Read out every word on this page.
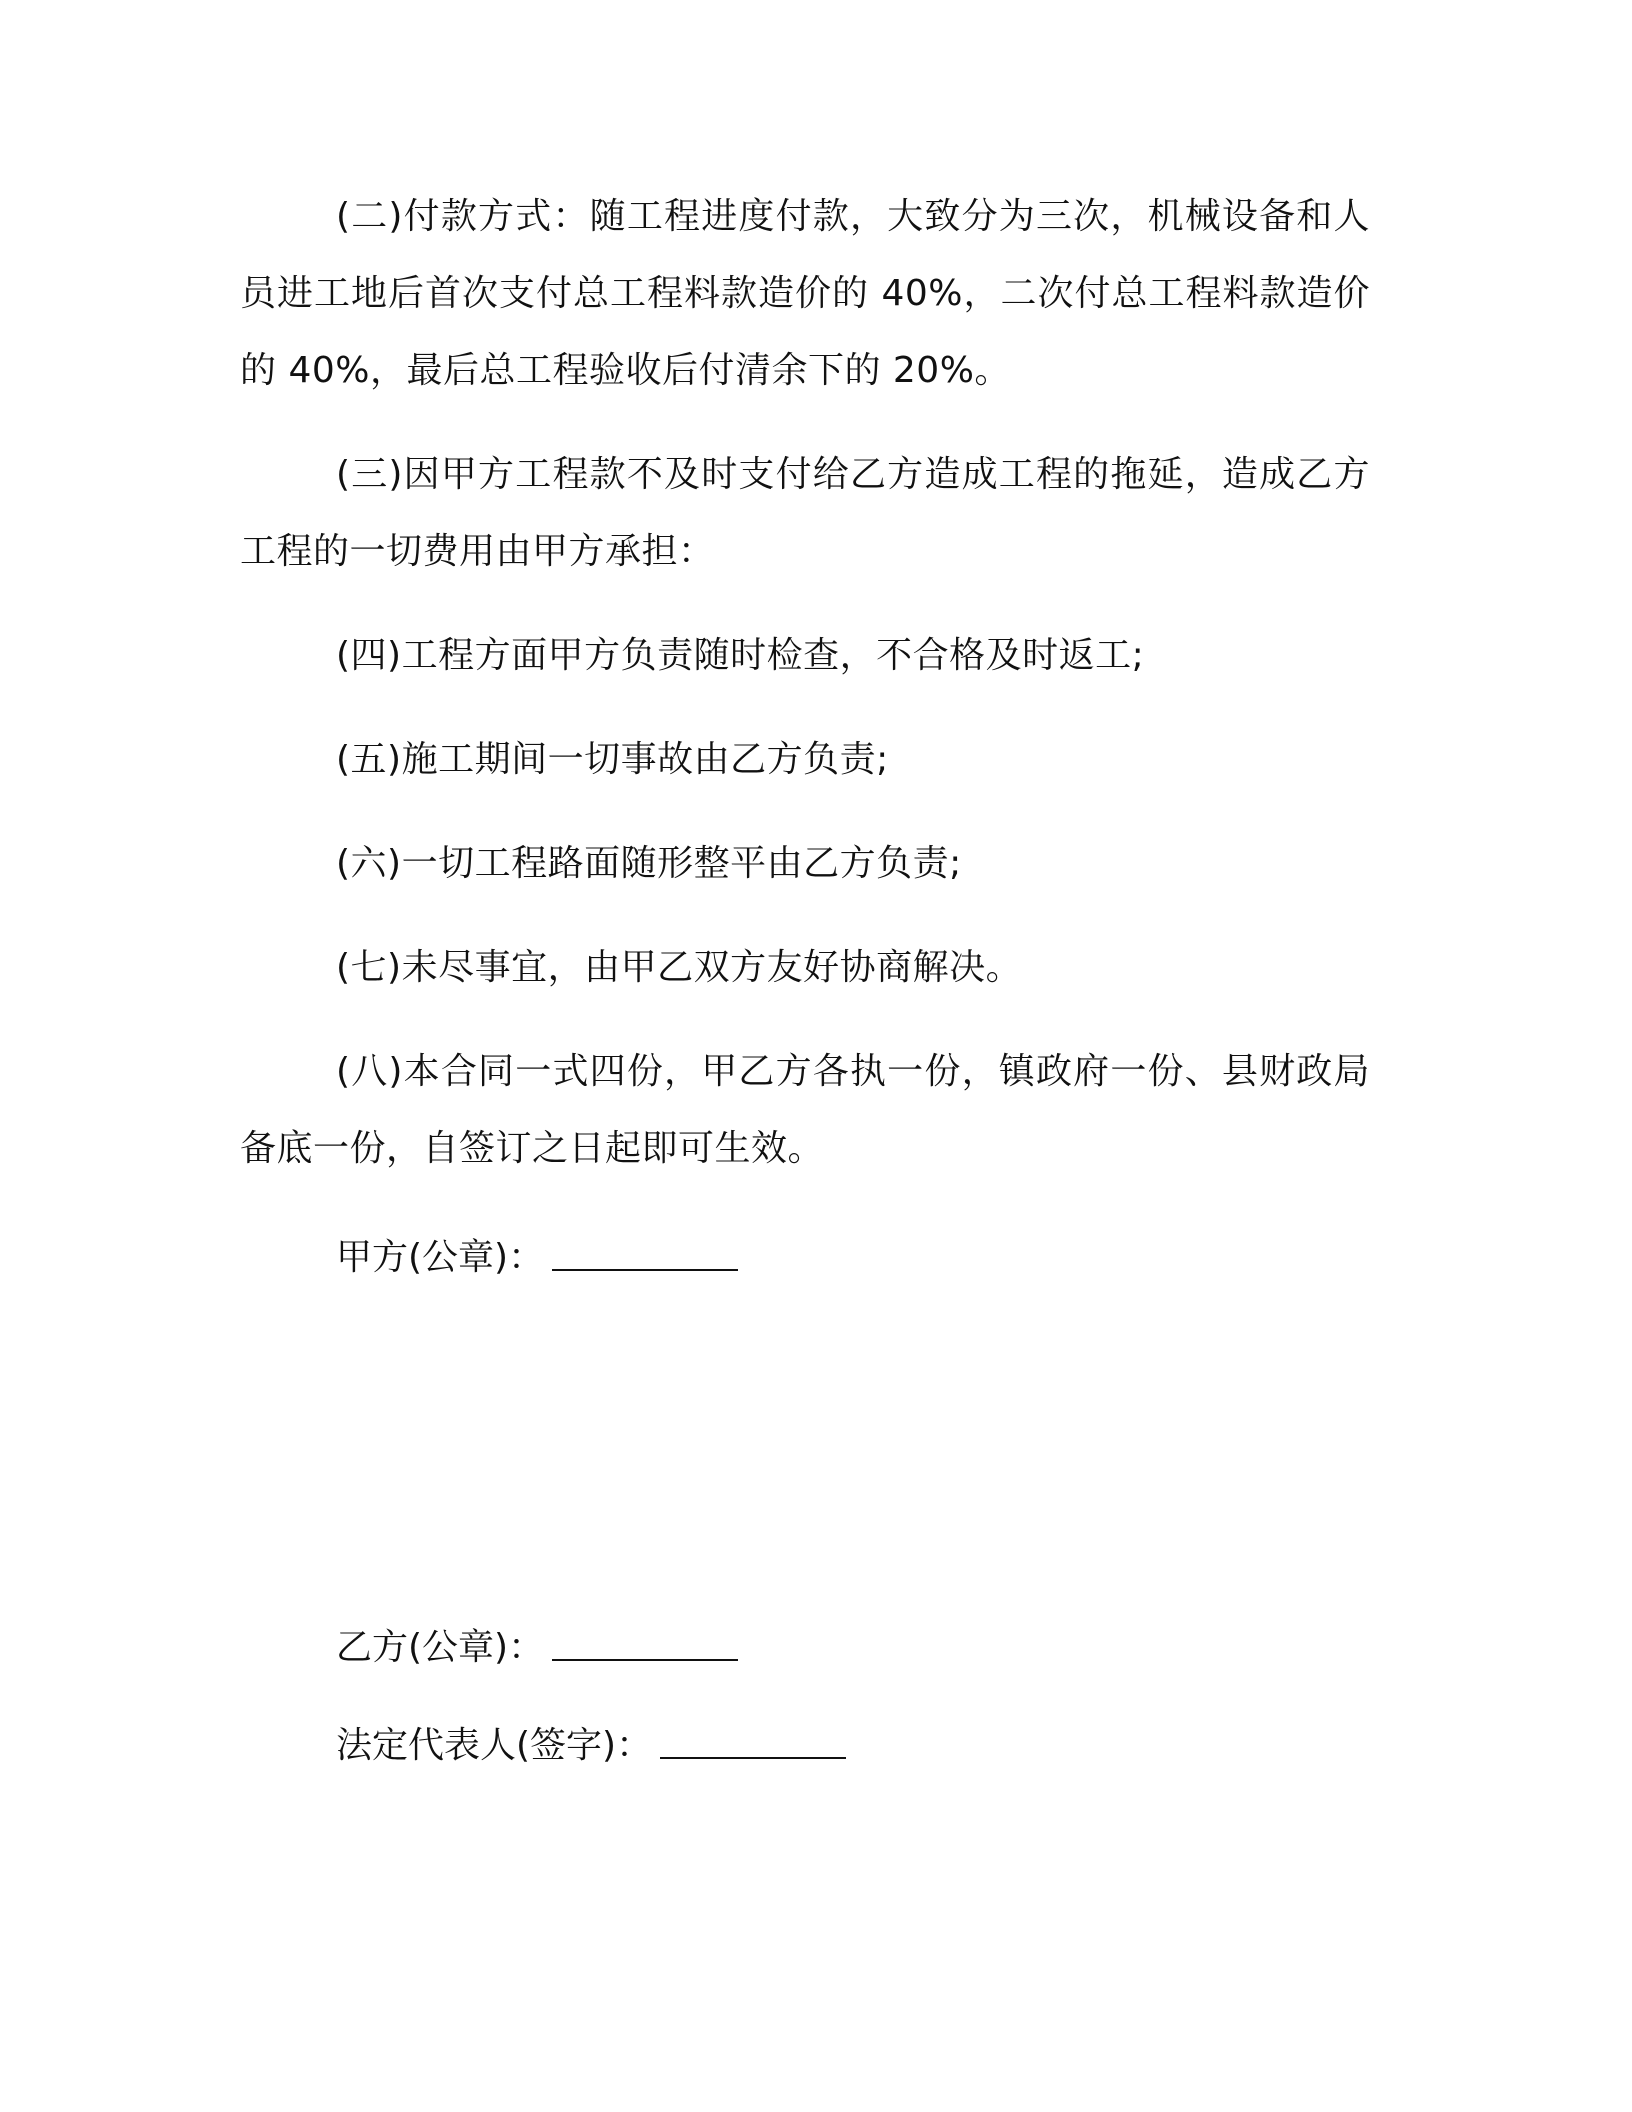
(二)付款方式：随工程进度付款，大致分为三次，机械设备和人员进工地后首次支付总工程料款造价的 40%，二次付总工程料款造价的 40%，最后总工程验收后付清余下的 20%。

(三)因甲方工程款不及时支付给乙方造成工程的拖延，造成乙方工程的一切费用由甲方承担：

(四)工程方面甲方负责随时检查，不合格及时返工;

(五)施工期间一切事故由乙方负责;

(六)一切工程路面随形整平由乙方负责;

(七)未尽事宜，由甲乙双方友好协商解决。

(八)本合同一式四份，甲乙方各执一份，镇政府一份、县财政局备底一份，自签订之日起即可生效。

甲方(公章)：

乙方(公章)：

法定代表人(签字)：
